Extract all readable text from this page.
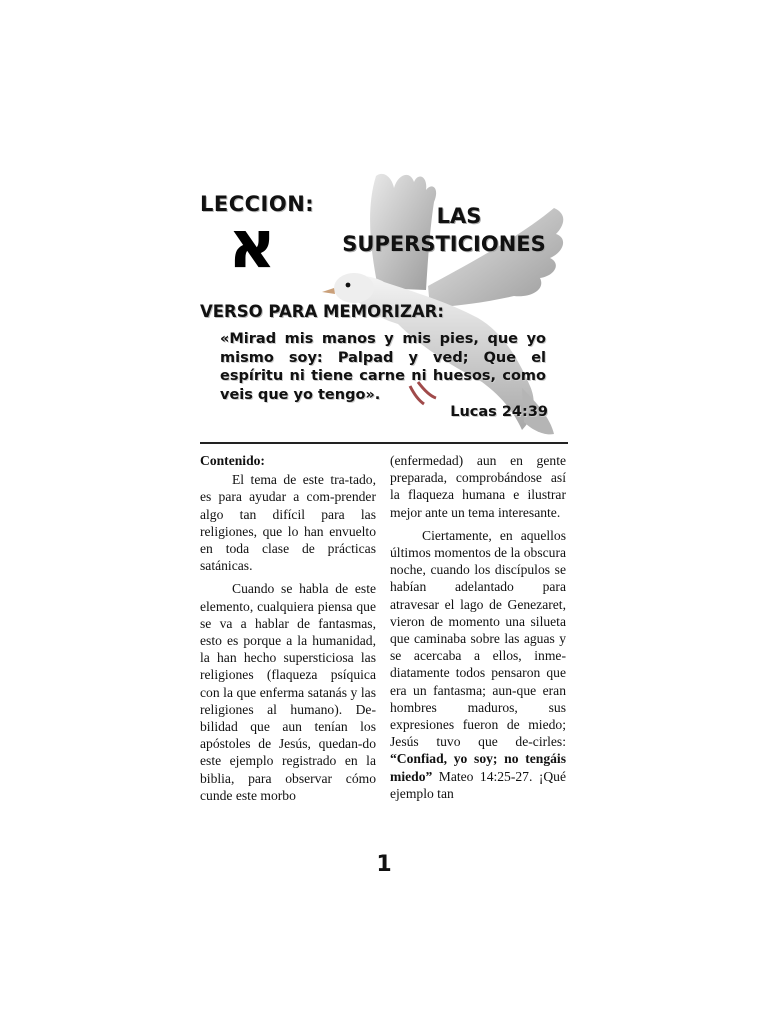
LECCION:
א	LAS
SUPERSTICIONES
VERSO PARA MEMORIZAR:
«Mirad mis manos y mis pies, que yo mismo soy: Palpad y ved; Que el espíritu ni tiene carne ni huesos, como veis que yo tengo».
Lucas 24:39
Contenido:

El tema de este tra-tado, es para ayudar a com-prender algo tan difícil para las religiones, que lo han envuelto en toda clase de prácticas satánicas.

Cuando se habla de este elemento, cualquiera piensa que se va a hablar de fantasmas, esto es porque a la humanidad, la han hecho supersticiosa las religiones (flaqueza psíquica con la que enferma satanás y las religiones al humano). De-bilidad que aun tenían los apóstoles de Jesús, quedan-do este ejemplo registrado en la biblia, para observar cómo cunde este morbo

(enfermedad) aun en gente preparada, comprobándose así la flaqueza humana e ilustrar mejor ante un tema interesante.

Ciertamente, en aquellos últimos momentos de la obscura noche, cuando los discípulos se habían adelantado para atravesar el lago de Genezaret, vieron de momento una silueta que caminaba sobre las aguas y se acercaba a ellos, inme-diatamente todos pensaron que era un fantasma; aun-que eran hombres maduros, sus expresiones fueron de miedo; Jesús tuvo que de-cirles: “Confiad, yo soy; no tengáis miedo” Mateo 14:25-27. ¡Qué ejemplo tan

1
